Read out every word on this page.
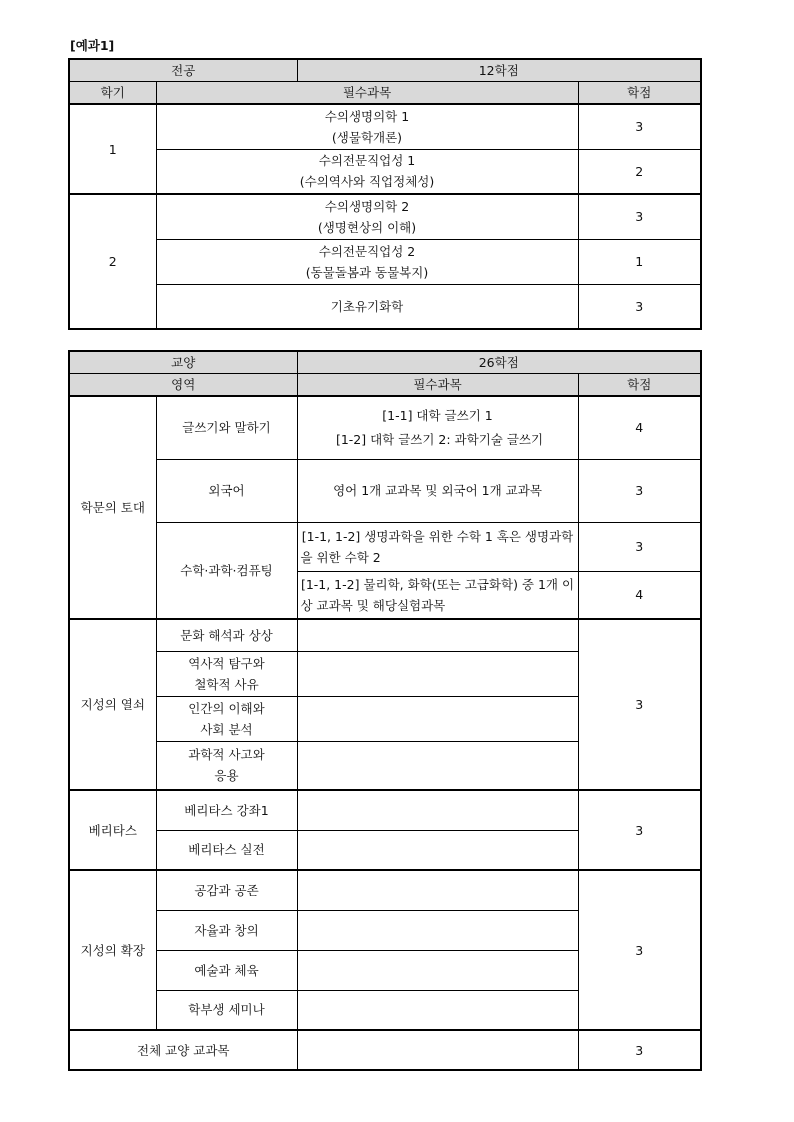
[예과1]
전공		12학점	
학기	필수과목		학점
1	수의생명의학 1
(생물학개론)		3

	수의전문직업성 1
(수의역사와 직업정체성)		2
2	수의생명의학 2
(생명현상의 이해)		3

	수의전문직업성 2
(동물돌봄과 동물복지)		1

	기초유기화학		3
교양		26학점	
영역		필수과목	학점
학문의 토대	글쓰기와 말하기	[1-1] 대학 글쓰기 1
[1-2] 대학 글쓰기 2: 과학기술 글쓰기	4
	외국어	영어 1개 교과목 및 외국어 1개 교과목	3
	수학·과학·컴퓨팅	[1-1, 1-2] 생명과학을 위한 수학 1 혹은 생명과학을 위한 수학 2	3
		[1-1, 1-2] 물리학, 화학(또는 고급화학) 중 1개 이상 교과목 및 해당실험과목	4
지성의 열쇠	문화 해석과 상상		3

	역사적 탐구와
철학적 사유		

	인간의 이해와
사회 분석		

	과학적 사고와
응용		

베리타스	베리타스 강좌1		3
	베리타스 실전		
지성의 확장	공감과 공존		3
	자율과 창의		
	예술과 체육		
	학부생 세미나		
전체 교양 교과목			3
